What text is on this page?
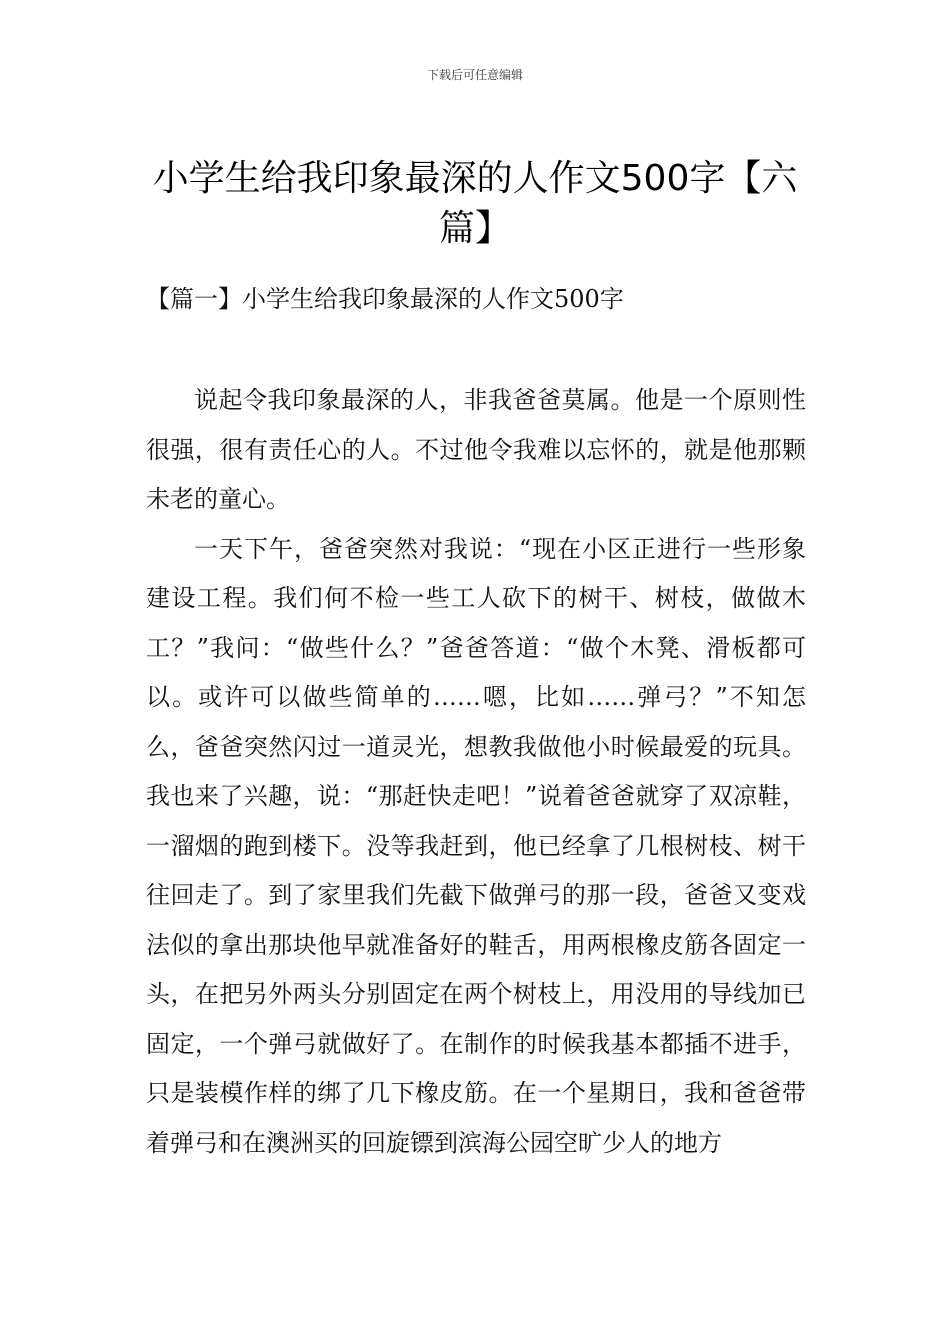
下载后可任意编辑
小学生给我印象最深的人作文500字【六篇】
【篇一】小学生给我印象最深的人作文500字

说起令我印象最深的人，非我爸爸莫属。他是一个原则性很强，很有责任心的人。不过他令我难以忘怀的，就是他那颗未老的童心。

一天下午，爸爸突然对我说：“现在小区正进行一些形象建设工程。我们何不检一些工人砍下的树干、树枝，做做木工？”我问：“做些什么？”爸爸答道：“做个木凳、滑板都可以。或许可以做些简单的……嗯，比如……弹弓？”不知怎么，爸爸突然闪过一道灵光，想教我做他小时候最爱的玩具。我也来了兴趣，说：“那赶快走吧！”说着爸爸就穿了双凉鞋，一溜烟的跑到楼下。没等我赶到，他已经拿了几根树枝、树干往回走了。到了家里我们先截下做弹弓的那一段，爸爸又变戏法似的拿出那块他早就准备好的鞋舌，用两根橡皮筋各固定一头，在把另外两头分别固定在两个树枝上，用没用的导线加已固定，一个弹弓就做好了。在制作的时候我基本都插不进手，只是装模作样的绑了几下橡皮筋。在一个星期日，我和爸爸带着弹弓和在澳洲买的回旋镖到滨海公园空旷少人的地方
